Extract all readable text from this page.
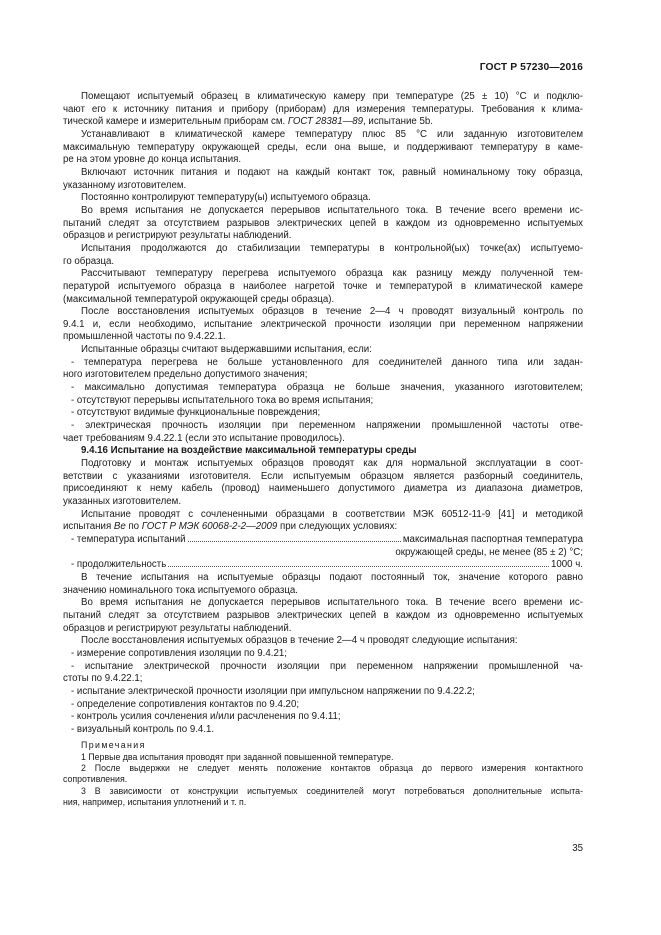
ГОСТ Р 57230—2016
Помещают испытуемый образец в климатическую камеру при температуре (25 ± 10) °С и подклю-
чают его к источнику питания и прибору (приборам) для измерения температуры. Требования к клима-
тической камере и измерительным приборам см. ГОСТ 28381—89, испытание 5b.
Устанавливают в климатической камере температуру плюс 85 °С или заданную изготовителем
максимальную температуру окружающей среды, если она выше, и поддерживают температуру в каме-
ре на этом уровне до конца испытания.
Включают источник питания и подают на каждый контакт ток, равный номинальному току образца,
указанному изготовителем.
Постоянно контролируют температуру(ы) испытуемого образца.
Во время испытания не допускается перерывов испытательного тока. В течение всего времени ис-
пытаний следят за отсутствием разрывов электрических цепей в каждом из одновременно испытуемых
образцов и регистрируют результаты наблюдений.
Испытания продолжаются до стабилизации температуры в контрольной(ых) точке(ах) испытуемо-
го образца.
Рассчитывают температуру перегрева испытуемого образца как разницу между полученной тем-
пературой испытуемого образца в наиболее нагретой точке и температурой в климатической камере
(максимальной температурой окружающей среды образца).
После восстановления испытуемых образцов в течение 2—4 ч проводят визуальный контроль по
9.4.1 и, если необходимо, испытание электрической прочности изоляции при переменном напряжении
промышленной частоты по 9.4.22.1.
Испытанные образцы считают выдержавшими испытания, если:
- температура перегрева не больше установленного для соединителей данного типа или задан-
ного изготовителем предельно допустимого значения;
- максимально допустимая температура образца не больше значения, указанного изготовителем;
- отсутствуют перерывы испытательного тока во время испытания;
- отсутствуют видимые функциональные повреждения;
- электрическая прочность изоляции при переменном напряжении промышленной частоты отве-
чает требованиям 9.4.22.1 (если это испытание проводилось).
9.4.16 Испытание на воздействие максимальной температуры среды
Подготовку и монтаж испытуемых образцов проводят как для нормальной эксплуатации в соот-
ветствии с указаниями изготовителя. Если испытуемым образцом является разборный соединитель,
присоединяют к нему кабель (провод) наименьшего допустимого диаметра из диапазона диаметров,
указанных изготовителем.
Испытание проводят с сочлененными образцами в соответствии МЭК 60512-11-9 [41] и методикой
испытания Ве по ГОСТ Р МЭК 60068-2-2—2009 при следующих условиях:
- температура испытаний	максимальная паспортная температура
окружающей среды, не менее (85 ± 2) °С;
- продолжительность	1000 ч.
В течение испытания на испытуемые образцы подают постоянный ток, значение которого равно
значению номинального тока испытуемого образца.
Во время испытания не допускается перерывов испытательного тока. В течение всего времени ис-
пытаний следят за отсутствием разрывов электрических цепей в каждом из одновременно испытуемых
образцов и регистрируют результаты наблюдений.
После восстановления испытуемых образцов в течение 2—4 ч проводят следующие испытания:
- измерение сопротивления изоляции по 9.4.21;
- испытание электрической прочности изоляции при переменном напряжении промышленной ча-
стоты по 9.4.22.1;
- испытание электрической прочности изоляции при импульсном напряжении по 9.4.22.2;
- определение сопротивления контактов по 9.4.20;
- контроль усилия сочленения и/или расчленения по 9.4.11;
- визуальный контроль по 9.4.1.
Примечания
1 Первые два испытания проводят при заданной повышенной температуре.
2 После выдержки не следует менять положение контактов образца до первого измерения контактного
сопротивления.
3 В зависимости от конструкции испытуемых соединителей могут потребоваться дополнительные испыта-
ния, например, испытания уплотнений и т. п.
35
